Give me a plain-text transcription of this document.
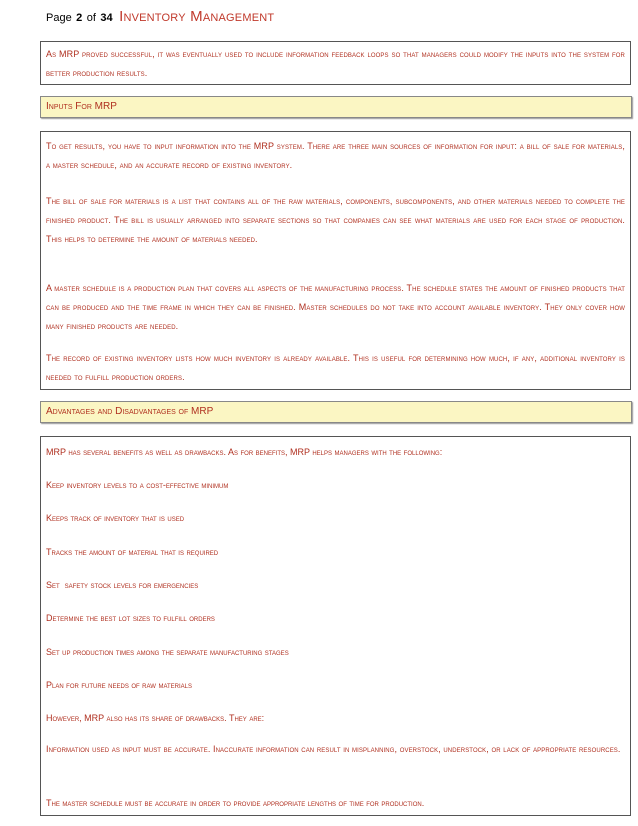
Page 2 of 34 Inventory Management
As MRP proved successful, it was eventually used to include information feedback loops so that managers could modify the inputs into the system for better production results.
Inputs For MRP
To get results, you have to input information into the MRP system. There are three main sources of information for input: a bill of sale for materials, a master schedule, and an accurate record of existing inventory.
The bill of sale for materials is a list that contains all of the raw materials, components, subcomponents, and other materials needed to complete the finished product. The bill is usually arranged into separate sections so that companies can see what materials are used for each stage of production. This helps to determine the amount of materials needed.
A master schedule is a production plan that covers all aspects of the manufacturing process. The schedule states the amount of finished products that can be produced and the time frame in which they can be finished. Master schedules do not take into account available inventory. They only cover how many finished products are needed.
The record of existing inventory lists how much inventory is already available. This is useful for determining how much, if any, additional inventory is needed to fulfill production orders.
Advantages and Disadvantages of MRP
MRP has several benefits as well as drawbacks. As for benefits, MRP helps managers with the following:
Keep inventory levels to a cost-effective minimum
Keeps track of inventory that is used
Tracks the amount of material that is required
Set  safety stock levels for emergencies
Determine the best lot sizes to fulfill orders
Set up production times among the separate manufacturing stages
Plan for future needs of raw materials
However, MRP also has its share of drawbacks. They are:
Information used as input must be accurate. Inaccurate information can result in misplanning, overstock, understock, or lack of appropriate resources.
The master schedule must be accurate in order to provide appropriate lengths of time for production.
